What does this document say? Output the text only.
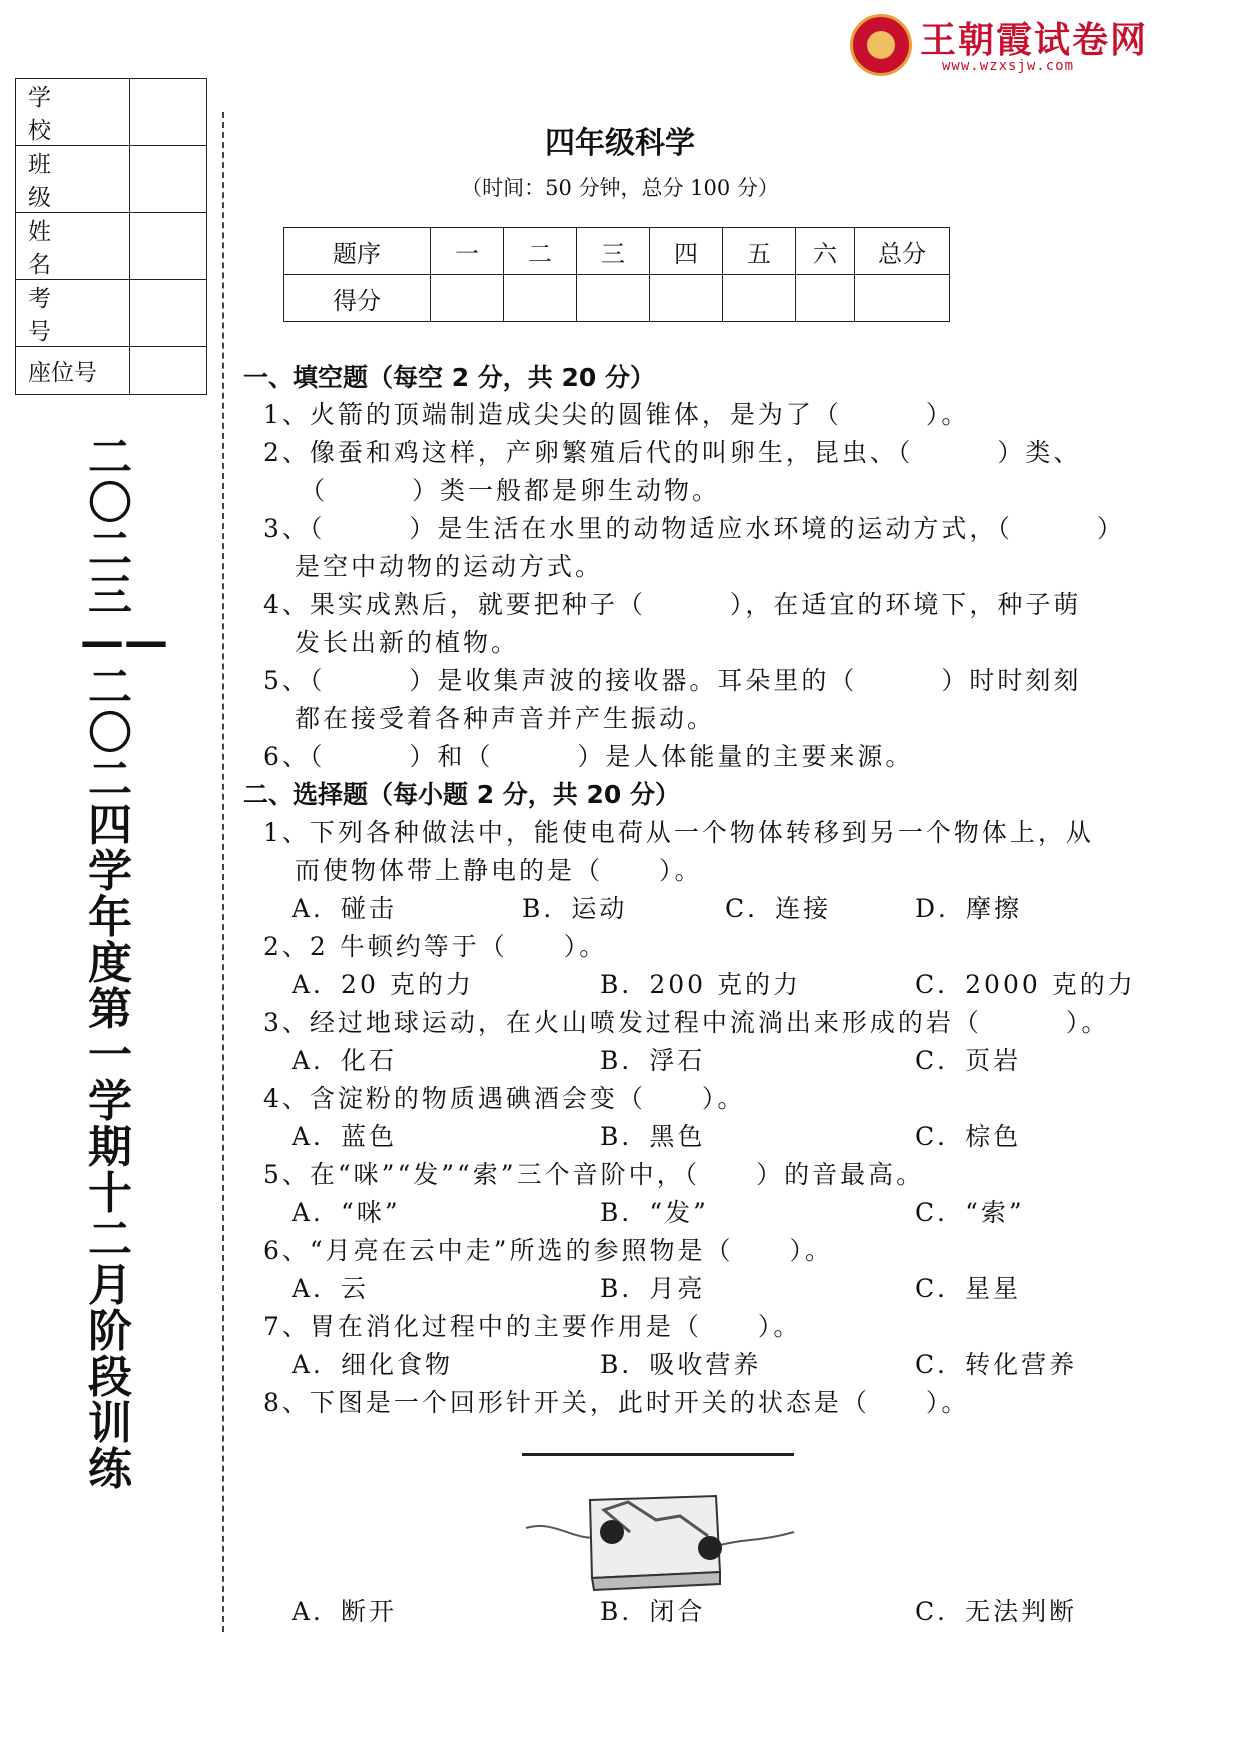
王朝霞试卷网
www.wzxsjw.com
学　校	
班　级	
姓　名	
考　号	
座位号	
二〇二三——二〇二四学年度第一学期十二月阶段训练
四年级科学
（时间：50 分钟，总分 100 分）
题序	一	二	三	四	五	六	总分
得分							
一、填空题（每空 2 分，共 20 分）
1、火箭的顶端制造成尖尖的圆锥体，是为了（　　　）。
2、像蚕和鸡这样，产卵繁殖后代的叫卵生，昆虫、（　　　）类、
（　　　）类一般都是卵生动物。
3、（　　　）是生活在水里的动物适应水环境的运动方式，（　　　）
是空中动物的运动方式。
4、果实成熟后，就要把种子（　　　），在适宜的环境下，种子萌
发长出新的植物。
5、（　　　）是收集声波的接收器。耳朵里的（　　　）时时刻刻
都在接受着各种声音并产生振动。
6、（　　　）和（　　　）是人体能量的主要来源。
二、选择题（每小题 2 分，共 20 分）
1、下列各种做法中，能使电荷从一个物体转移到另一个物体上，从
而使物体带上静电的是（　　）。
A．碰击	B．运动	C．连接	D．摩擦
2、2 牛顿约等于（　　）。
A．20 克的力	B．200 克的力	C．2000 克的力
3、经过地球运动，在火山喷发过程中流淌出来形成的岩（　　　）。
A．化石	B．浮石	C．页岩
4、含淀粉的物质遇碘酒会变（　　）。
A．蓝色	B．黑色	C．棕色
5、在“咪”“发”“索”三个音阶中，（　　）的音最高。
A．“咪”	B．“发”	C．“索”
6、“月亮在云中走”所选的参照物是（　　）。
A．云	B．月亮	C．星星
7、胃在消化过程中的主要作用是（　　）。
A．细化食物	B．吸收营养	C．转化营养
8、下图是一个回形针开关，此时开关的状态是（　　）。
A．断开	B．闭合	C．无法判断
